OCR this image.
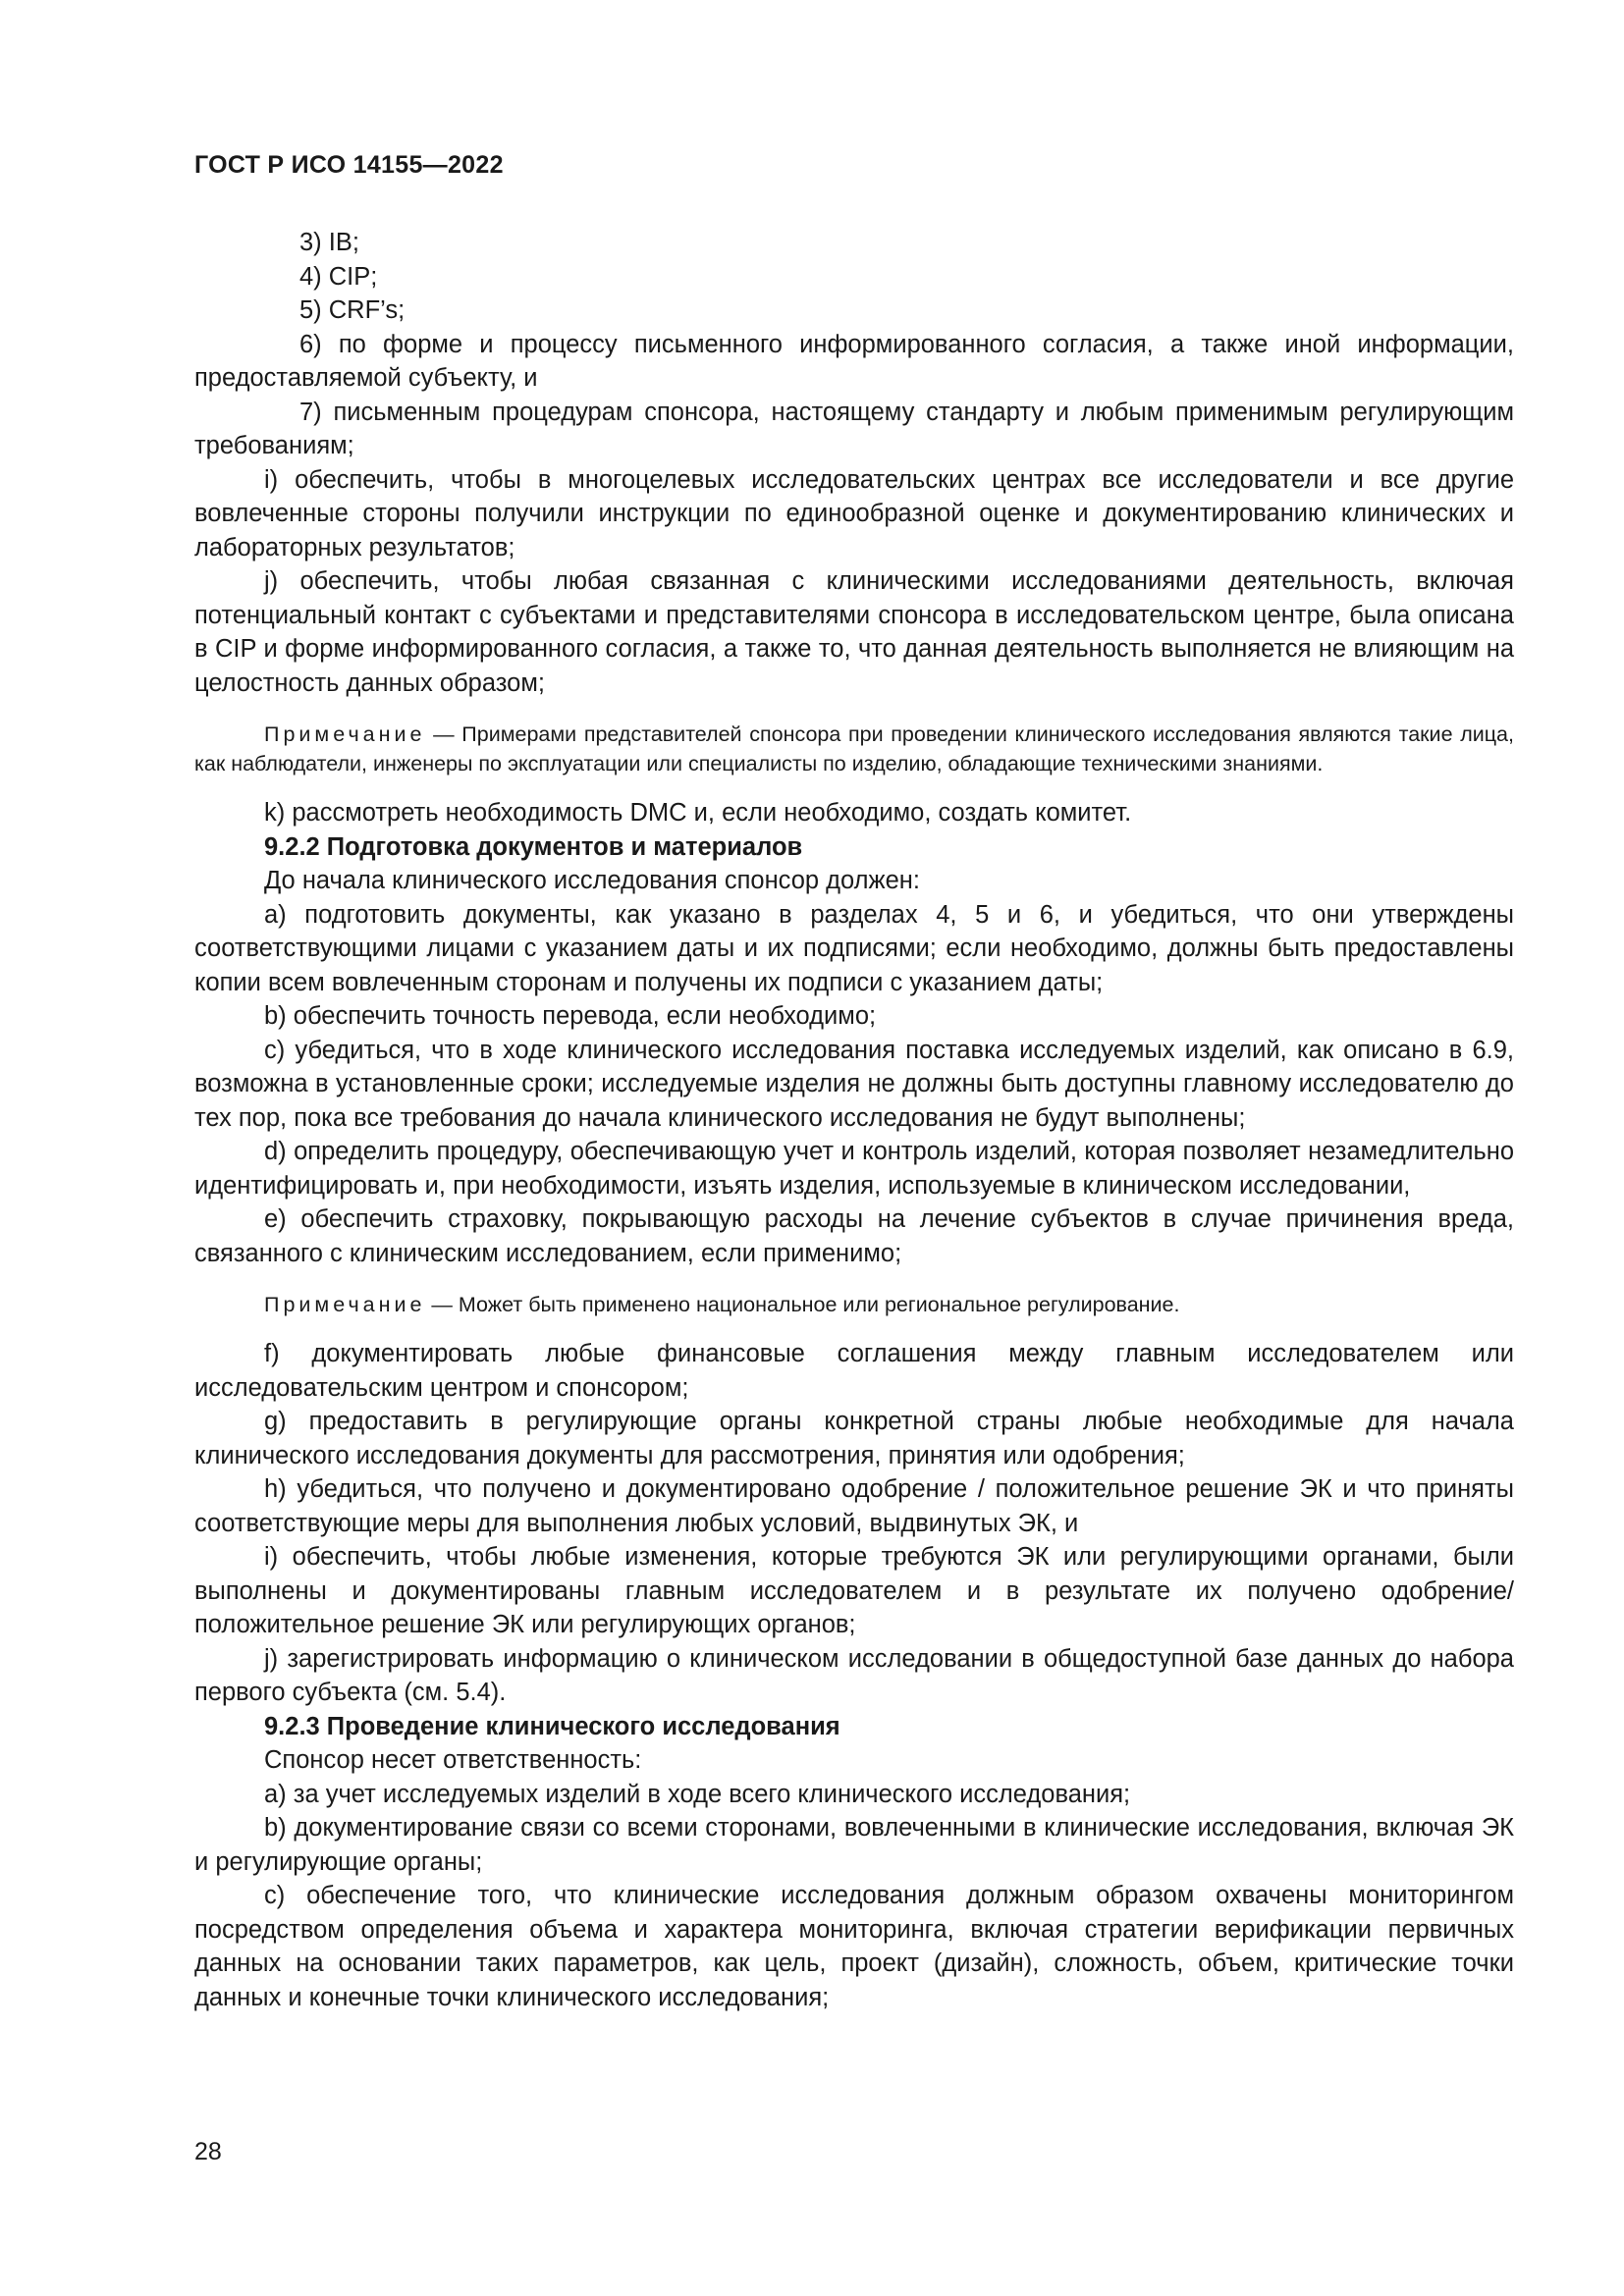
ГОСТ Р ИСО 14155—2022

3) IB;

4) CIP;

5) CRF’s;

6) по форме и процессу письменного информированного согласия, а также иной информации, предоставляемой субъекту, и

7) письменным процедурам спонсора, настоящему стандарту и любым применимым регулирующим требованиям;

i) обеспечить, чтобы в многоцелевых исследовательских центрах все исследователи и все другие вовлеченные стороны получили инструкции по единообразной оценке и документированию клинических и лабораторных результатов;

j) обеспечить, чтобы любая связанная с клиническими исследованиями деятельность, включая потенциальный контакт с субъектами и представителями спонсора в исследовательском центре, была описана в CIP и форме информированного согласия, а также то, что данная деятельность выполняется не влияющим на целостность данных образом;

Примечание — Примерами представителей спонсора при проведении клинического исследования являются такие лица, как наблюдатели, инженеры по эксплуатации или специалисты по изделию, обладающие техническими знаниями.

k) рассмотреть необходимость DMC и, если необходимо, создать комитет.

9.2.2 Подготовка документов и материалов

До начала клинического исследования спонсор должен:

a) подготовить документы, как указано в разделах 4, 5 и 6, и убедиться, что они утверждены соответствующими лицами с указанием даты и их подписями; если необходимо, должны быть предоставлены копии всем вовлеченным сторонам и получены их подписи с указанием даты;

b) обеспечить точность перевода, если необходимо;

c) убедиться, что в ходе клинического исследования поставка исследуемых изделий, как описано в 6.9, возможна в установленные сроки; исследуемые изделия не должны быть доступны главному исследователю до тех пор, пока все требования до начала клинического исследования не будут выполнены;

d) определить процедуру, обеспечивающую учет и контроль изделий, которая позволяет незамедлительно идентифицировать и, при необходимости, изъять изделия, используемые в клиническом исследовании,

e) обеспечить страховку, покрывающую расходы на лечение субъектов в случае причинения вреда, связанного с клиническим исследованием, если применимо;

Примечание — Может быть применено национальное или региональное регулирование.

f) документировать любые финансовые соглашения между главным исследователем или исследовательским центром и спонсором;

g) предоставить в регулирующие органы конкретной страны любые необходимые для начала клинического исследования документы для рассмотрения, принятия или одобрения;

h) убедиться, что получено и документировано одобрение / положительное решение ЭК и что приняты соответствующие меры для выполнения любых условий, выдвинутых ЭК, и

i) обеспечить, чтобы любые изменения, которые требуются ЭК или регулирующими органами, были выполнены и документированы главным исследователем и в результате их получено одобрение/ положительное решение ЭК или регулирующих органов;

j) зарегистрировать информацию о клиническом исследовании в общедоступной базе данных до набора первого субъекта (см. 5.4).

9.2.3 Проведение клинического исследования

Спонсор несет ответственность:

a) за учет исследуемых изделий в ходе всего клинического исследования;

b) документирование связи со всеми сторонами, вовлеченными в клинические исследования, включая ЭК и регулирующие органы;

c) обеспечение того, что клинические исследования должным образом охвачены мониторингом посредством определения объема и характера мониторинга, включая стратегии верификации первичных данных на основании таких параметров, как цель, проект (дизайн), сложность, объем, критические точки данных и конечные точки клинического исследования;

28
